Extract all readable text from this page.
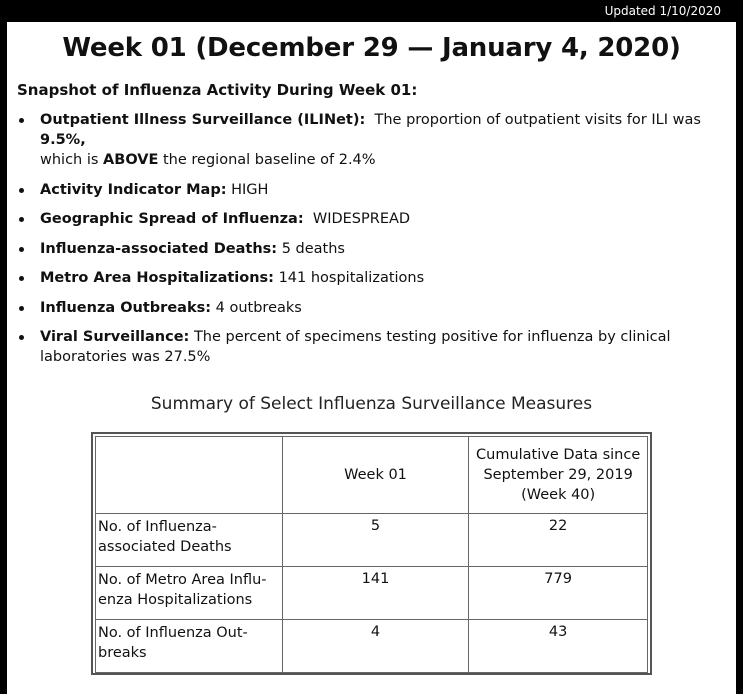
Updated 1/10/2020
Week 01 (December 29 — January 4, 2020)
Snapshot of Influenza Activity During Week 01:
Outpatient Illness Surveillance (ILINet): The proportion of outpatient visits for ILI was 9.5%,
which is ABOVE the regional baseline of 2.4%
Activity Indicator Map: HIGH
Geographic Spread of Influenza: WIDESPREAD
Influenza-associated Deaths: 5 deaths
Metro Area Hospitalizations: 141 hospitalizations
Influenza Outbreaks: 4 outbreaks
Viral Surveillance: The percent of specimens testing positive for influenza by clinical laboratories was 27.5%
Summary of Select Influenza Surveillance Measures
	Week 01	Cumulative Data since
September 29, 2019
(Week 40)
No. of Influenza-
associated Deaths	5	22
No. of Metro Area Influ-
enza Hospitalizations	141	779
No. of Influenza Out-
breaks	4	43
